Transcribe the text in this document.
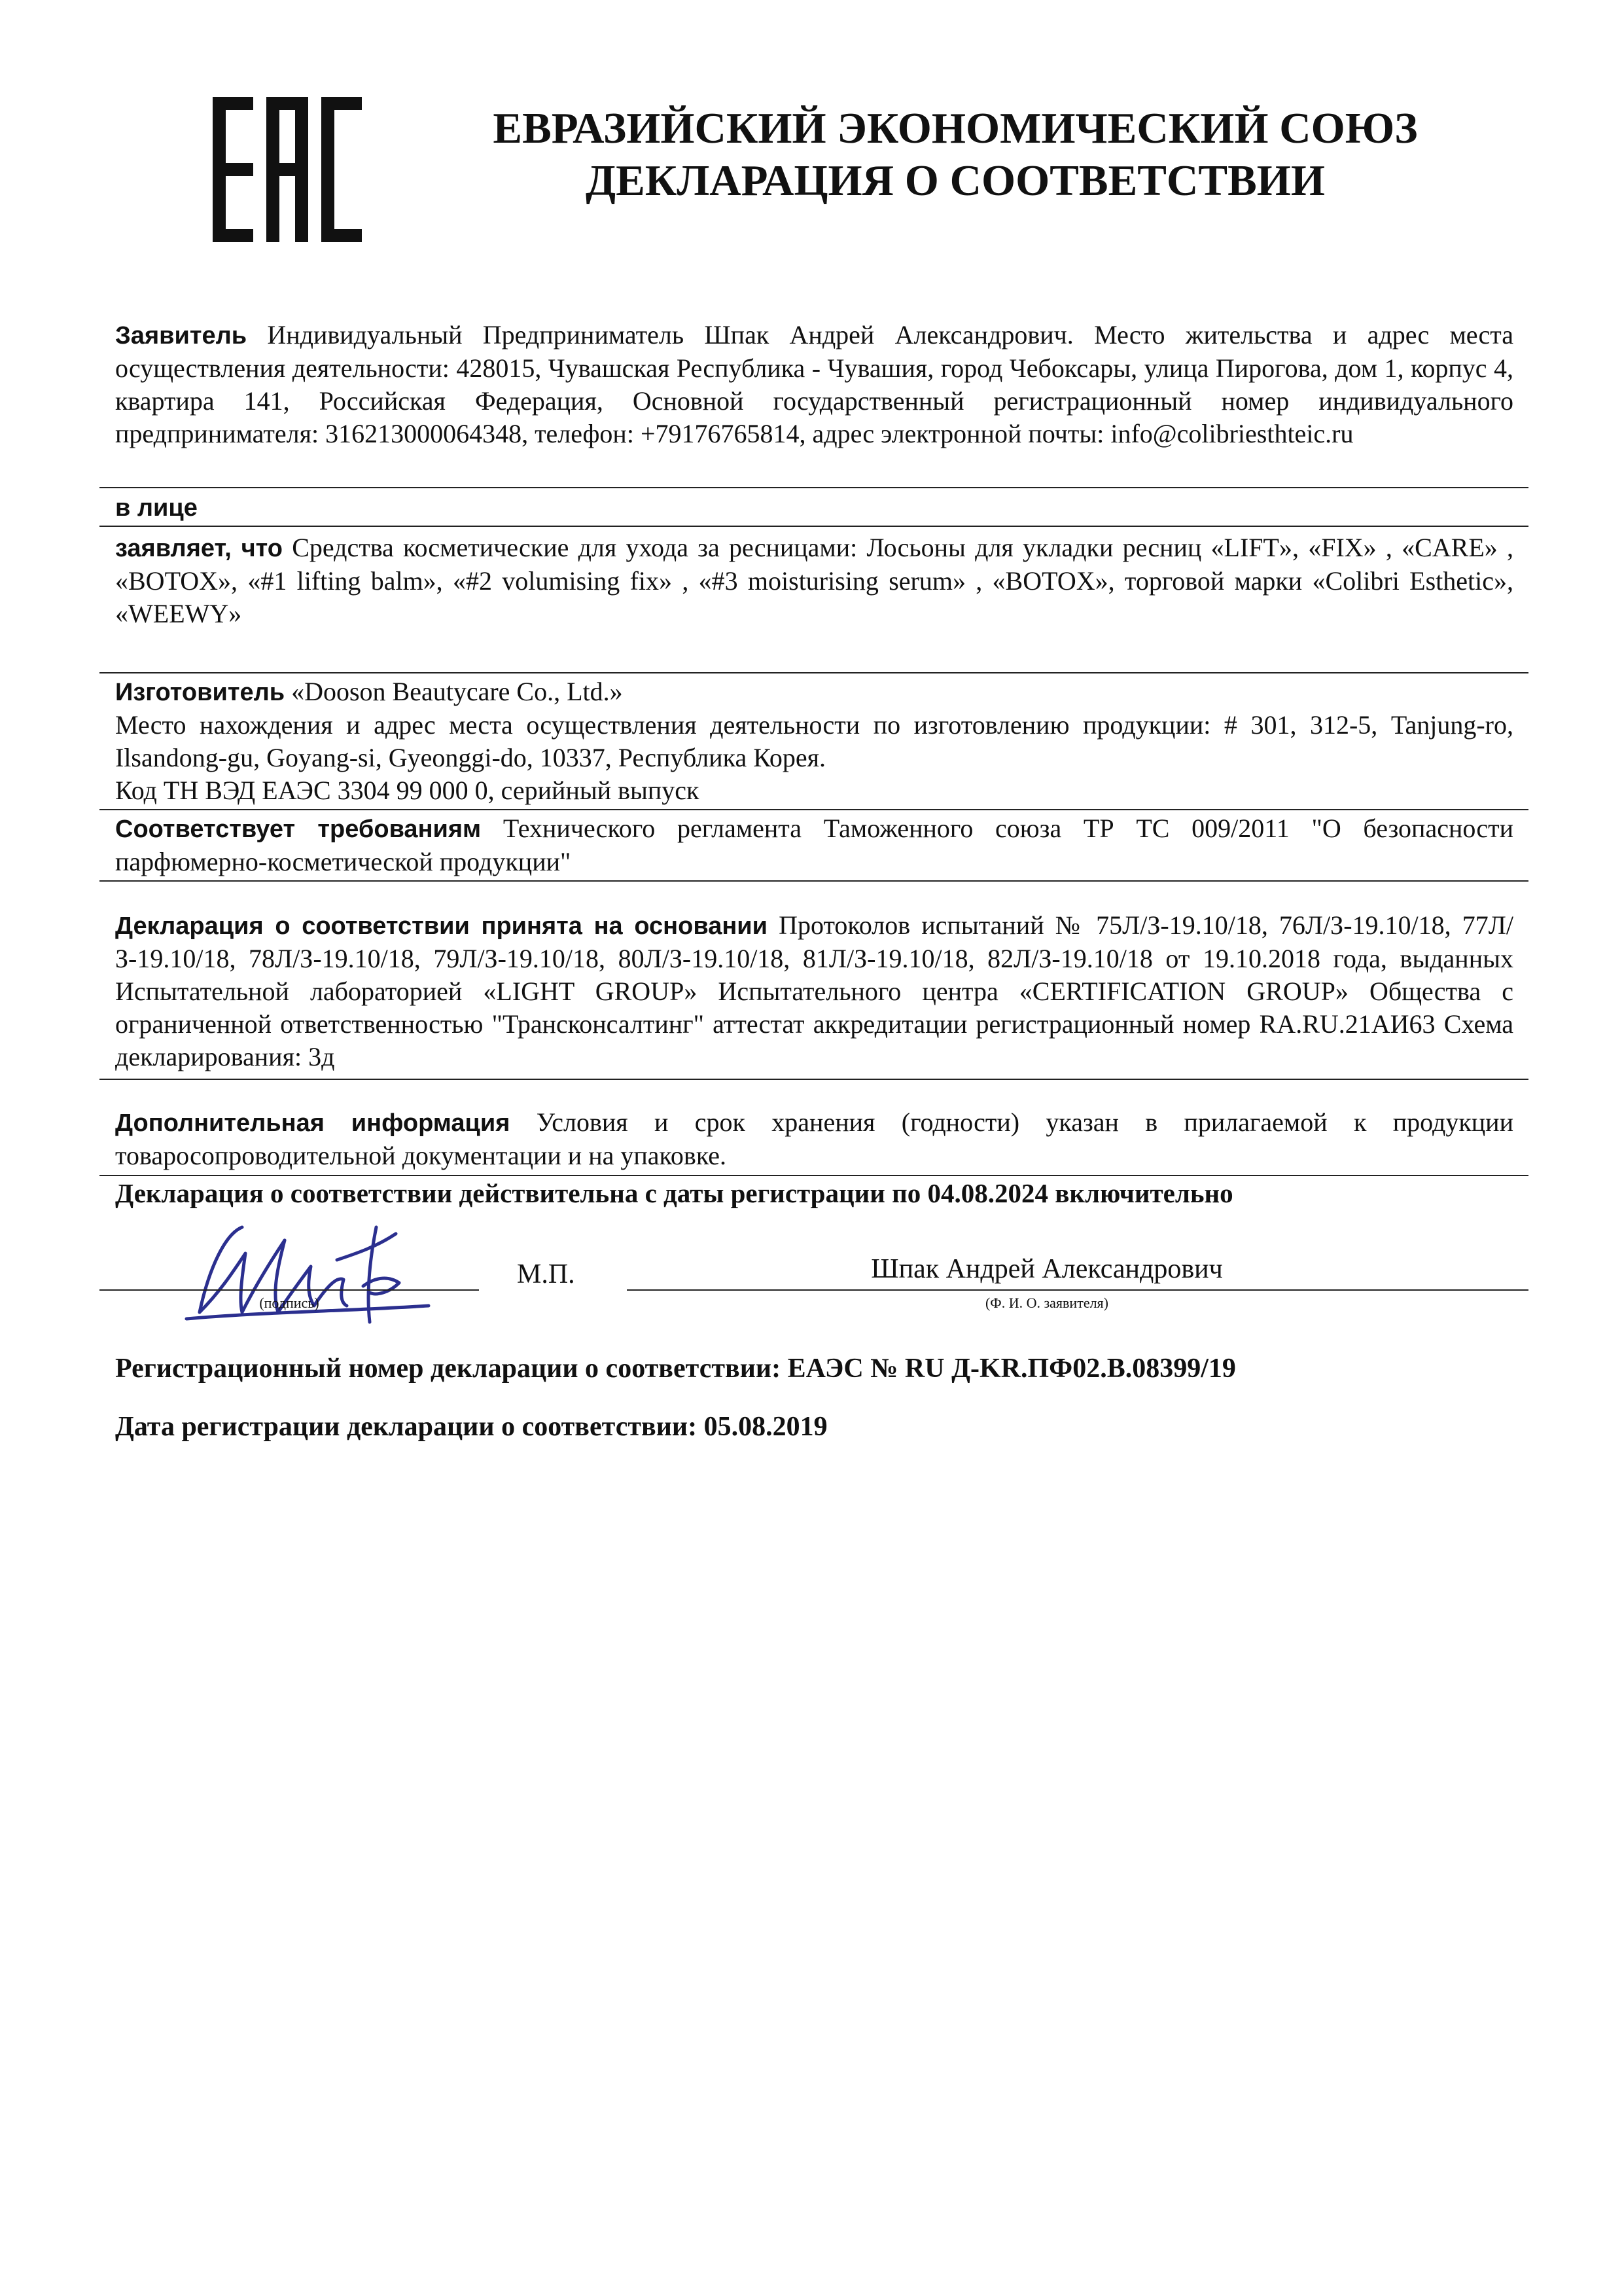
ЕВРАЗИЙСКИЙ ЭКОНОМИЧЕСКИЙ СОЮЗ
ДЕКЛАРАЦИЯ О СООТВЕТСТВИИ
Заявитель Индивидуальный Предприниматель Шпак Андрей Александрович. Место жительства и адрес места осуществления деятельности: 428015, Чувашская Республика - Чувашия, город Чебоксары, улица Пирогова, дом 1, корпус 4, квартира 141, Российская Федерация, Основной государственный регистрационный номер индивидуального предпринимателя: 316213000064348, телефон: +79176765814, адрес электронной почты: info@colibriesthteic.ru
в лице
заявляет, что Средства косметические для ухода за ресницами: Лосьоны для укладки ресниц «LIFT», «FIX» , «CARE» , «BOTOX», «#1 lifting balm», «#2 volumising fix» , «#3 moisturising serum» , «BOTOX», торговой марки «Colibri Esthetic», «WEEWY»
Изготовитель «Dooson Beautycare Co., Ltd.»
Место нахождения и адрес места осуществления деятельности по изготовлению продукции: # 301, 312-5, Tanjung-ro, Ilsandong-gu, Goyang-si, Gyeonggi-do, 10337, Республика Корея.
Код ТН ВЭД ЕАЭС 3304 99 000 0, серийный выпуск
Соответствует требованиям Технического регламента Таможенного союза ТР ТС 009/2011 "О безопасности парфюмерно-косметической продукции"
Декларация о соответствии принята на основании Протоколов испытаний № 75Л/З-19.10/18, 76Л/З-19.10/18, 77Л/З-19.10/18, 78Л/З-19.10/18, 79Л/З-19.10/18, 80Л/З-19.10/18, 81Л/З-19.10/18, 82Л/З-19.10/18 от 19.10.2018 года, выданных Испытательной лабораторией «LIGHT GROUP» Испытательного центра «CERTIFICATION GROUP» Общества с ограниченной ответственностью "Трансконсалтинг" аттестат аккредитации регистрационный номер RA.RU.21АИ63 Схема декларирования: 3д
Дополнительная информация Условия и срок хранения (годности) указан в прилагаемой к продукции товаросопроводительной документации и на упаковке.
Декларация о соответствии действительна с даты регистрации по 04.08.2024 включительно
(подпись)
М.П.	Шпак Андрей Александрович
(Ф. И. О. заявителя)
Регистрационный номер декларации о соответствии: ЕАЭС № RU Д-KR.ПФ02.В.08399/19
Дата регистрации декларации о соответствии: 05.08.2019
